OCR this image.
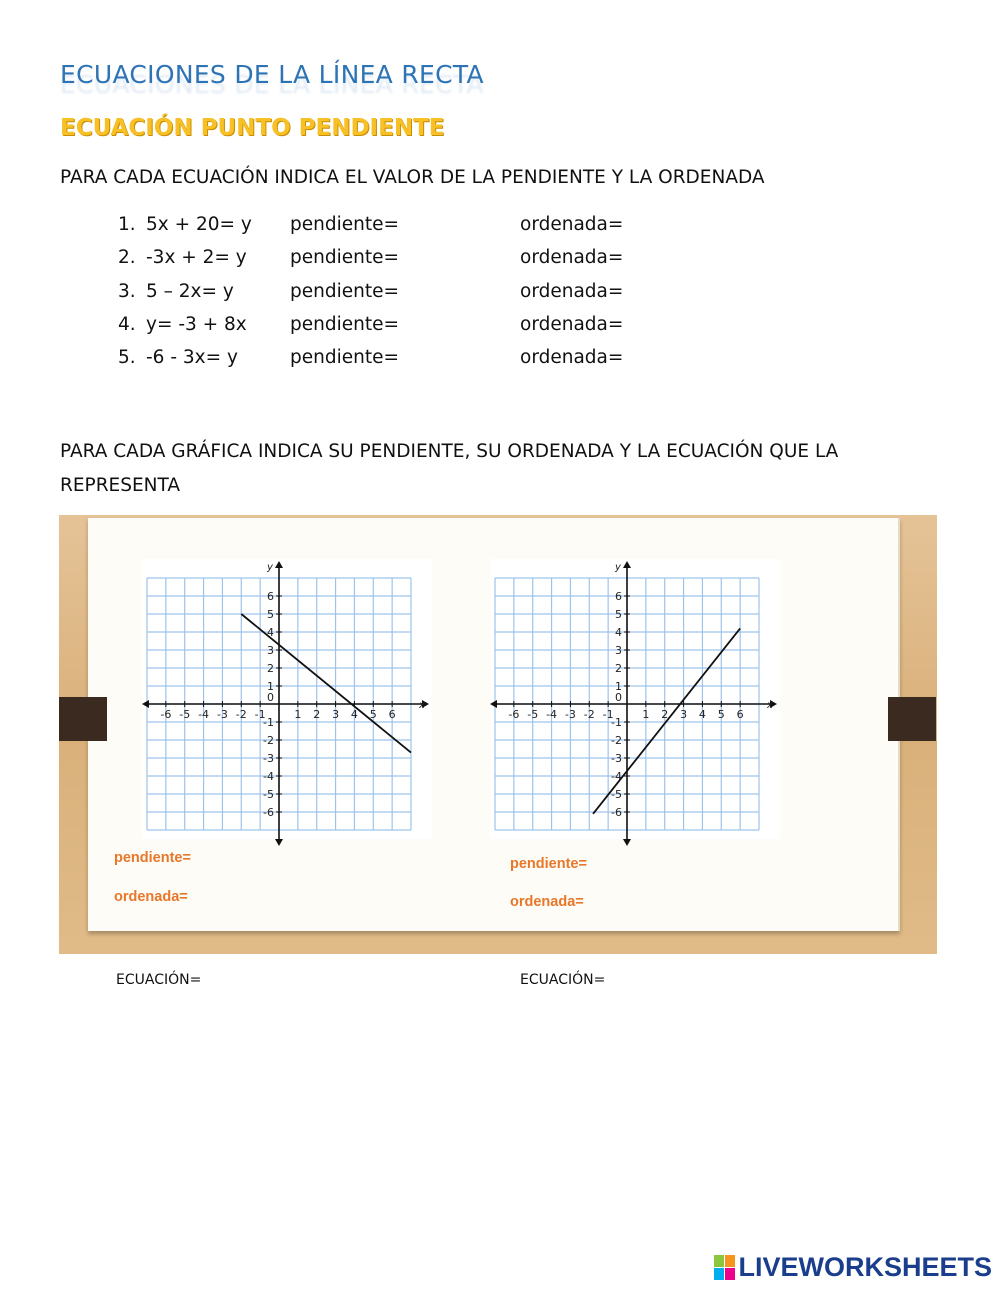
ECUACIONES DE LA LÍNEA RECTA
ECUACIÓN PUNTO PENDIENTE
PARA CADA ECUACIÓN INDICA EL VALOR DE LA PENDIENTE Y LA ORDENADA
1. 5x + 20= y pendiente=	ordenada=
2. -3x + 2= y pendiente=	ordenada=
3. 5 – 2x= y	pendiente=	ordenada=
4. y= -3 + 8x pendiente=	ordenada=
5. -6 - 3x= y	pendiente=	ordenada=
PARA CADA GRÁFICA INDICA SU PENDIENTE, SU ORDENADA Y LA ECUACIÓN QUE LA
REPRESENTA
x
y
-6 -5 -4 -3 -2 -1	1 2 3 4 5 6
6
5
4
3
2
1
-1
-2
-3
-4
-5
-6
0
x
y
-6 -5 -4 -3 -2 -1	1 2 3 4 5 6
6
5
4
3
2
1
-1
-2
-3
-4
-5
-6
0
pendiente=
ordenada=
pendiente=
ordenada=
ECUACIÓN=	ECUACIÓN=
LIVEWORKSHEETS
